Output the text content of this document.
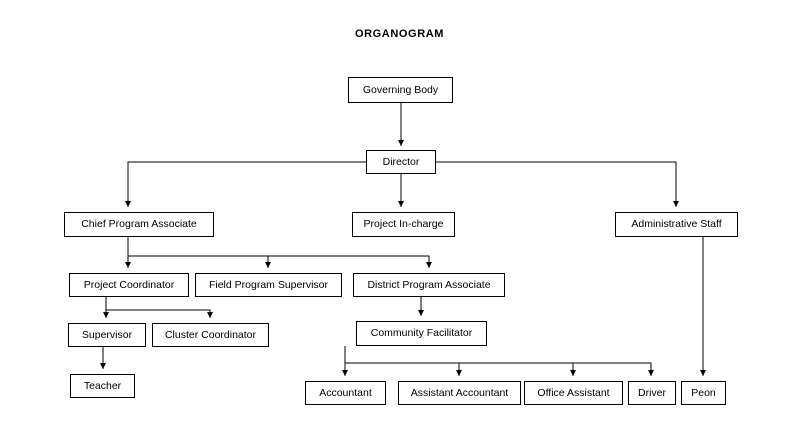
ORGANOGRAM
Governing Body
Director
Chief Program Associate	Project In-charge	Administrative Staff
Project Coordinator	Field Program Supervisor	District Program Associate
Supervisor	Cluster Coordinator	Community Facilitator
Teacher
Accountant	Assistant Accountant	Office Assistant	Driver Peon
